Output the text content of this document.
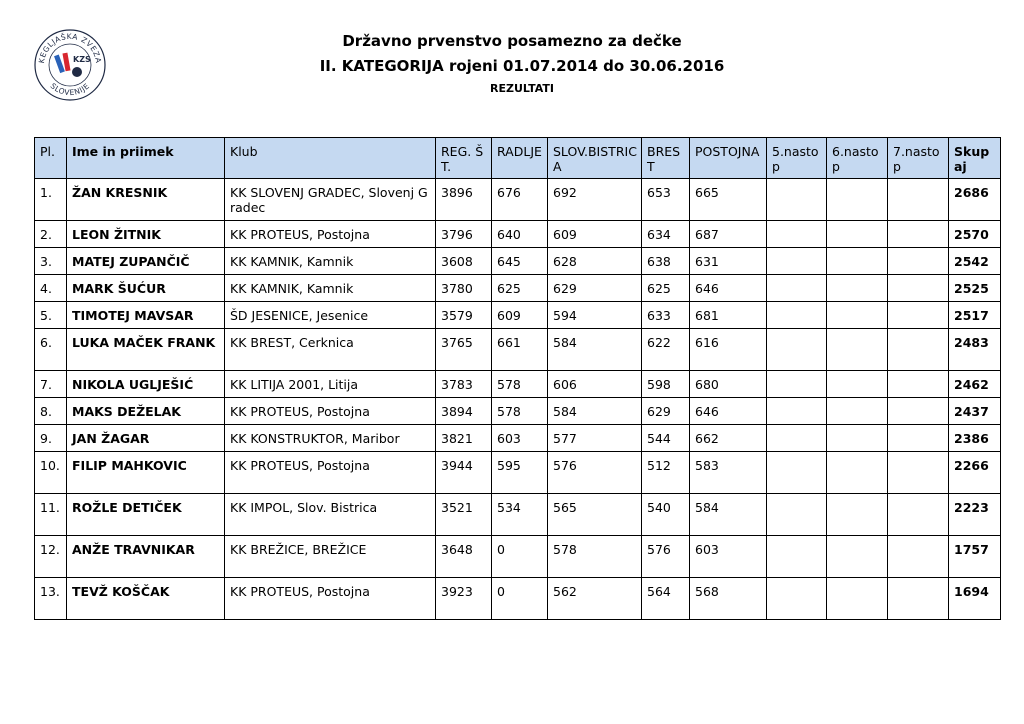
KEGLJAŠKA ZVEZA
SLOVENIJE
KZS
Državno prvenstvo posamezno za dečke
II. KATEGORIJA rojeni 01.07.2014 do 30.06.2016
REZULTATI
Pl.	Ime in priimek	Klub	REG. ŠT.	RADLJE	SLOV.BISTRICA	BREST	POSTOJNA	5.nastop	6.nastop	7.nastop	Skupaj
1.	ŽAN KRESNIK	KK SLOVENJ GRADEC, Slovenj Gradec	3896	676	692	653	665				2686
2.	LEON ŽITNIK	KK PROTEUS, Postojna	3796	640	609	634	687				2570
3.	MATEJ ZUPANČIČ	KK KAMNIK, Kamnik	3608	645	628	638	631				2542
4.	MARK ŠUĆUR	KK KAMNIK, Kamnik	3780	625	629	625	646				2525
5.	TIMOTEJ MAVSAR	ŠD JESENICE, Jesenice	3579	609	594	633	681				2517
6.	LUKA MAČEK FRANK	KK BREST, Cerknica	3765	661	584	622	616				2483
7.	NIKOLA UGLJEŠIĆ	KK LITIJA 2001, Litija	3783	578	606	598	680				2462
8.	MAKS DEŽELAK	KK PROTEUS, Postojna	3894	578	584	629	646				2437
9.	JAN ŽAGAR	KK KONSTRUKTOR, Maribor	3821	603	577	544	662				2386
10.	FILIP MAHKOVIC	KK PROTEUS, Postojna	3944	595	576	512	583				2266
11.	ROŽLE DETIČEK	KK IMPOL, Slov. Bistrica	3521	534	565	540	584				2223
12.	ANŽE TRAVNIKAR	KK BREŽICE, BREŽICE	3648	0	578	576	603				1757
13.	TEVŽ KOŠČAK	KK PROTEUS, Postojna	3923	0	562	564	568				1694
